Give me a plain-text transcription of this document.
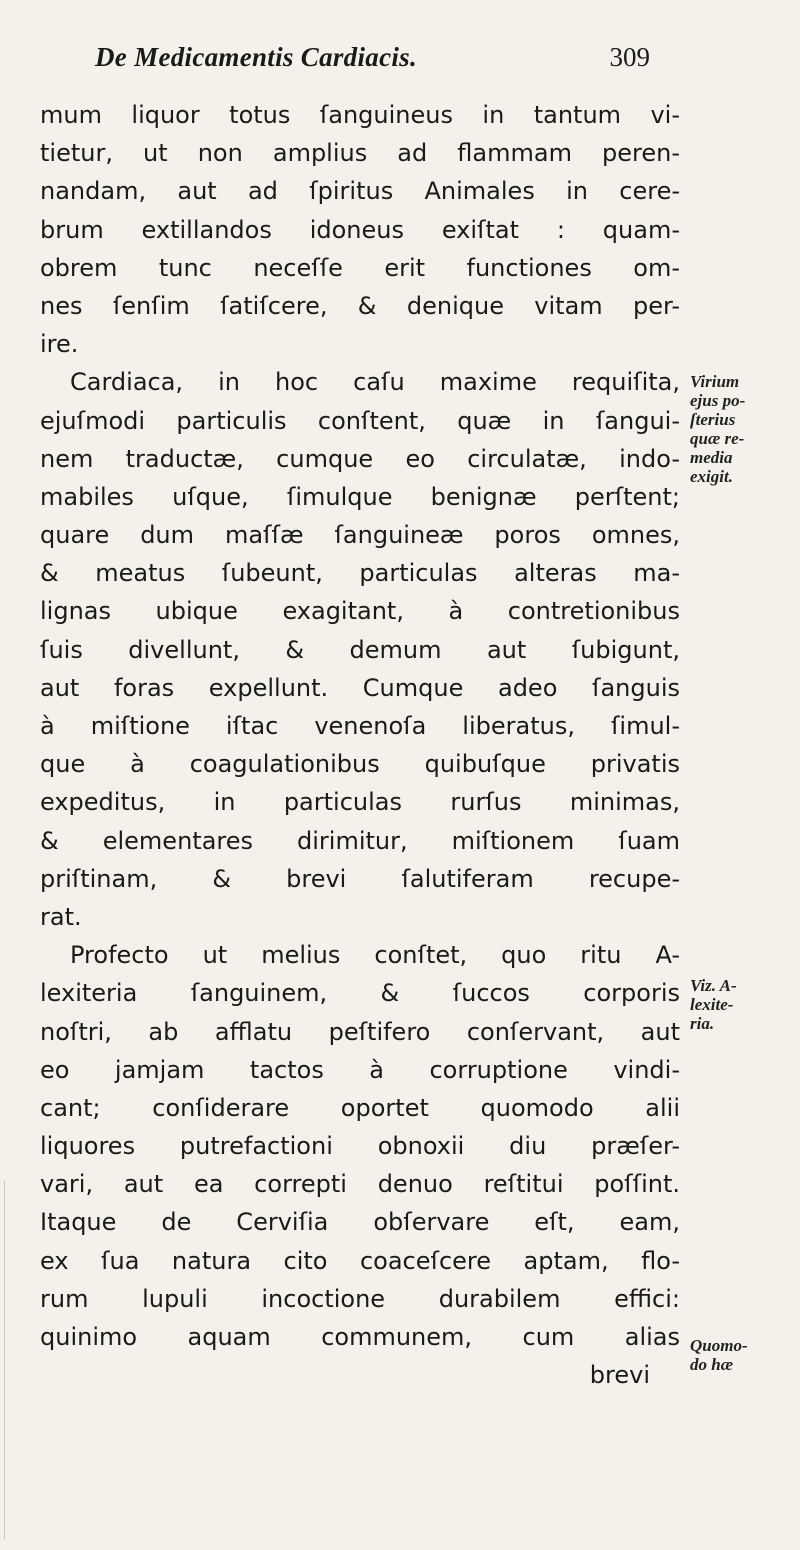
De Medicamentis Cardiacis.	309
mum liquor totus ſanguineus in tantum vi-
tietur, ut non amplius ad flammam peren-
nandam, aut ad ſpiritus Animales in cere-
brum extillandos idoneus exiſtat : quam-
obrem tunc neceſſe erit functiones om-
nes ſenſim ſatiſcere, & denique vitam per-
ire.
Cardiaca, in hoc caſu maxime requiſita,
ejuſmodi particulis conſtent, quæ in ſangui-
nem traductæ, cumque eo circulatæ, indo-
mabiles uſque, ſimulque benignæ perſtent;
quare dum maſſæ ſanguineæ poros omnes,
& meatus ſubeunt, particulas alteras ma-
lignas ubique exagitant, à contretionibus
ſuis divellunt, & demum aut ſubigunt,
aut foras expellunt. Cumque adeo ſanguis
à miſtione iſtac venenoſa liberatus, ſimul-
que à coagulationibus quibuſque privatis
expeditus, in particulas rurſus minimas,
& elementares dirimitur, miſtionem ſuam
priſtinam, & brevi ſalutiferam recupe-
rat.
Profecto ut melius conſtet, quo ritu A-
lexiteria ſanguinem, & ſuccos corporis
noſtri, ab afflatu peſtifero conſervant, aut
eo jamjam tactos à corruptione vindi-
cant; conſiderare oportet quomodo alii
liquores putrefactioni obnoxii diu præſer-
vari, aut ea correpti denuo reſtitui poſſint.
Itaque de Cerviſia obſervare eſt, eam,
ex ſua natura cito coaceſcere aptam, flo-
rum lupuli incoctione durabilem effici:
quinimo aquam communem, cum alias
brevi
Virium
ejus po-
ſterius
quæ re-
media
exigit.
Viz. A-
lexite-
ria.
Quomo-
do hæ
